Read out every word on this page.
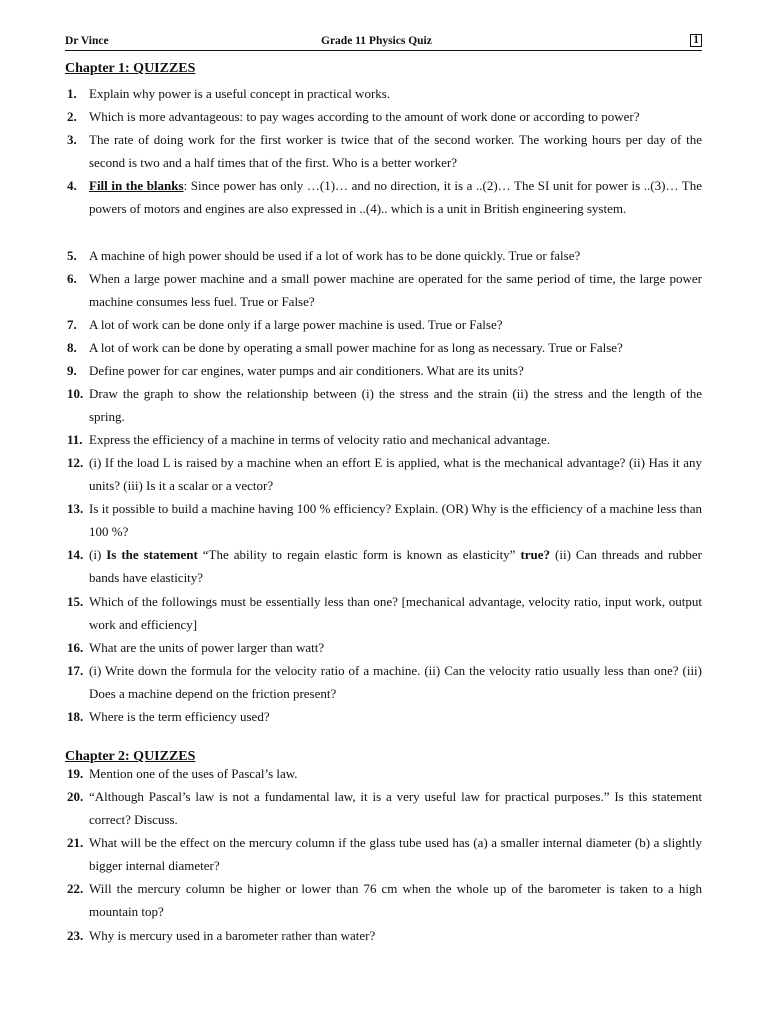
Dr Vince	Grade 11 Physics Quiz	1
Chapter 1: QUIZZES
1. Explain why power is a useful concept in practical works.
2. Which is more advantageous: to pay wages according to the amount of work done or according to power?
3. The rate of doing work for the first worker is twice that of the second worker. The working hours per day of the second is two and a half times that of the first. Who is a better worker?
4. Fill in the blanks: Since power has only …(1)… and no direction, it is a ..(2)… The SI unit for power is ..(3)… The powers of motors and engines are also expressed in ..(4).. which is a unit in British engineering system.
5. A machine of high power should be used if a lot of work has to be done quickly. True or false?
6. When a large power machine and a small power machine are operated for the same period of time, the large power machine consumes less fuel. True or False?
7. A lot of work can be done only if a large power machine is used. True or False?
8. A lot of work can be done by operating a small power machine for as long as necessary. True or False?
9. Define power for car engines, water pumps and air conditioners. What are its units?
10. Draw the graph to show the relationship between (i) the stress and the strain (ii) the stress and the length of the spring.
11. Express the efficiency of a machine in terms of velocity ratio and mechanical advantage.
12. (i) If the load L is raised by a machine when an effort E is applied, what is the mechanical advantage? (ii) Has it any units? (iii) Is it a scalar or a vector?
13. Is it possible to build a machine having 100 % efficiency? Explain. (OR) Why is the efficiency of a machine less than 100 %?
14. (i) Is the statement “The ability to regain elastic form is known as elasticity” true? (ii) Can threads and rubber bands have elasticity?
15. Which of the followings must be essentially less than one? [mechanical advantage, velocity ratio, input work, output work and efficiency]
16. What are the units of power larger than watt?
17. (i) Write down the formula for the velocity ratio of a machine. (ii) Can the velocity ratio usually less than one? (iii) Does a machine depend on the friction present?
18. Where is the term efficiency used?
Chapter 2: QUIZZES
19. Mention one of the uses of Pascal’s law.
20. “Although Pascal’s law is not a fundamental law, it is a very useful law for practical purposes.” Is this statement correct? Discuss.
21. What will be the effect on the mercury column if the glass tube used has (a) a smaller internal diameter (b) a slightly bigger internal diameter?
22. Will the mercury column be higher or lower than 76 cm when the whole up of the barometer is taken to a high mountain top?
23. Why is mercury used in a barometer rather than water?
